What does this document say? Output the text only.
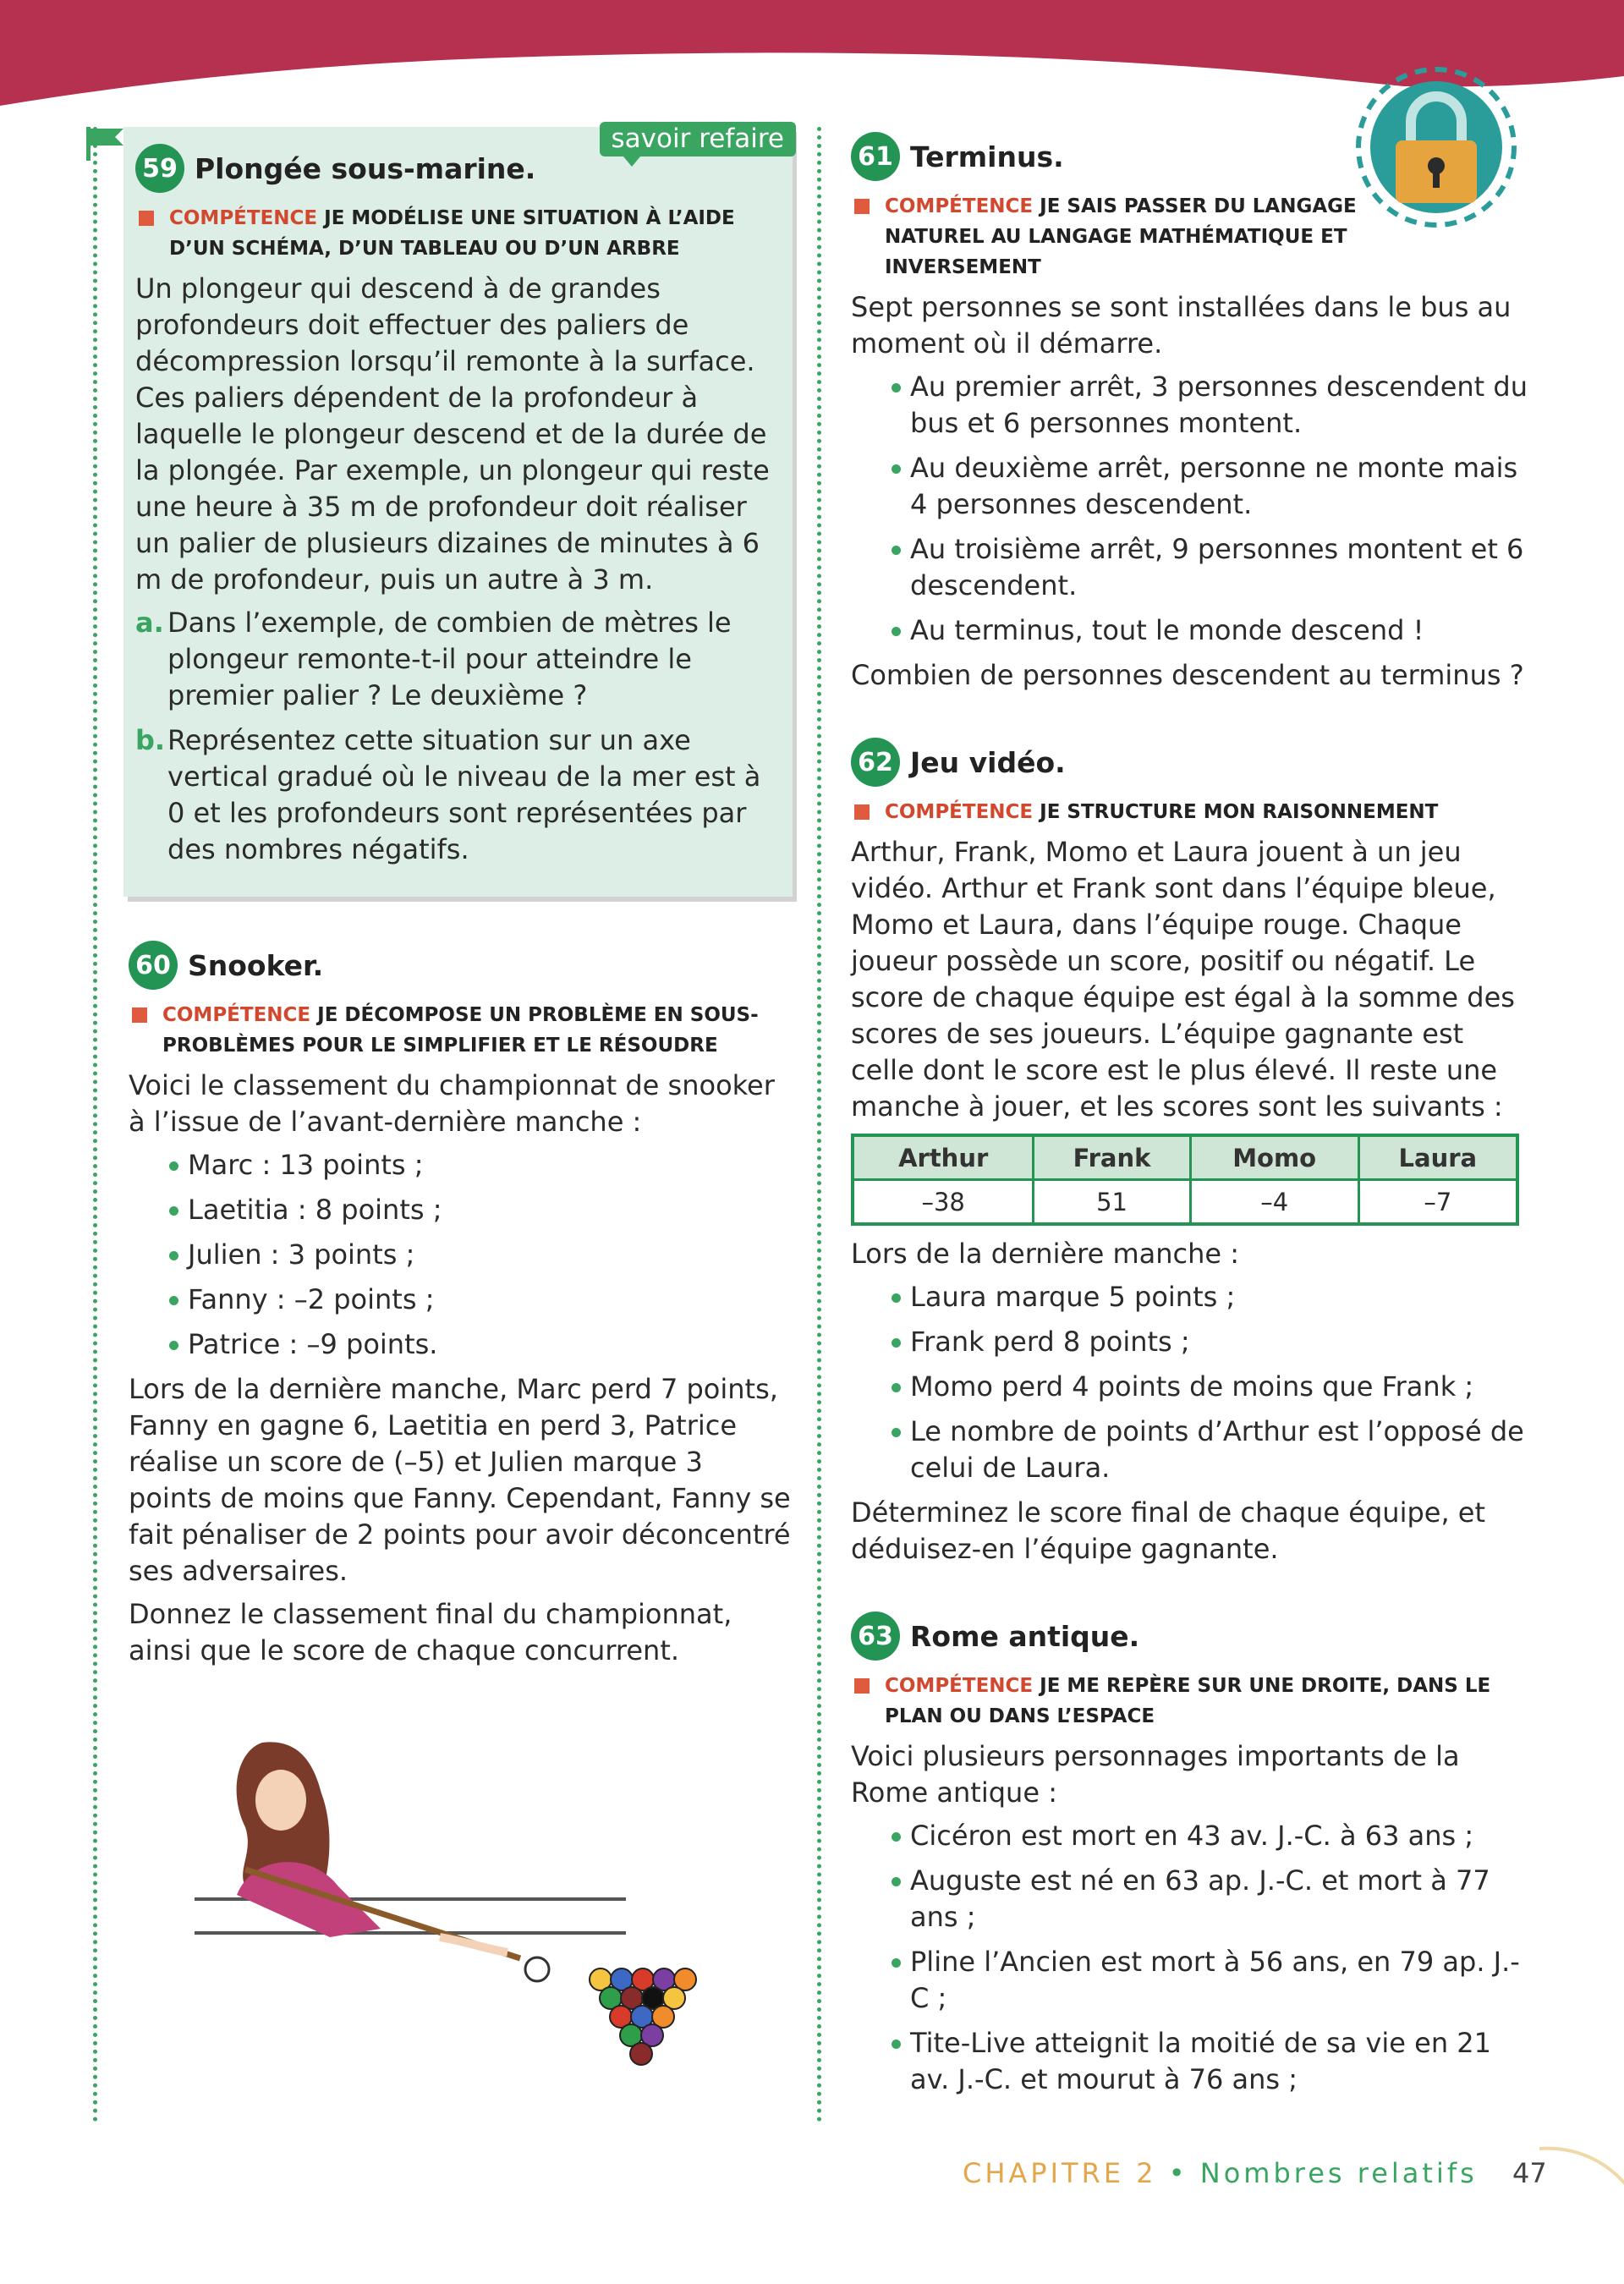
savoir refaire
59 Plongée sous-marine.
COMPÉTENCE JE MODÉLISE UNE SITUATION À L’AIDE D’UN SCHÉMA, D’UN TABLEAU OU D’UN ARBRE

Un plongeur qui descend à de grandes profondeurs doit effectuer des paliers de décompression lorsqu’il remonte à la surface. Ces paliers dépendent de la profondeur à laquelle le plongeur descend et de la durée de la plongée. Par exemple, un plongeur qui reste une heure à 35 m de profondeur doit réaliser un palier de plusieurs dizaines de minutes à 6 m de profondeur, puis un autre à 3 m.

a. Dans l’exemple, de combien de mètres le plongeur remonte-t-il pour atteindre le premier palier ? Le deuxième ?
b. Représentez cette situation sur un axe vertical gradué où le niveau de la mer est à 0 et les profondeurs sont représentées par des nombres négatifs.
60 Snooker.
COMPÉTENCE JE DÉCOMPOSE UN PROBLÈME EN SOUS-PROBLÈMES POUR LE SIMPLIFIER ET LE RÉSOUDRE

Voici le classement du championnat de snooker à l’issue de l’avant-dernière manche :

Marc : 13 points ;
Laetitia : 8 points ;
Julien : 3 points ;
Fanny : –2 points ;
Patrice : –9 points.

Lors de la dernière manche, Marc perd 7 points, Fanny en gagne 6, Laetitia en perd 3, Patrice réalise un score de (–5) et Julien marque 3 points de moins que Fanny. Cependant, Fanny se fait pénaliser de 2 points pour avoir déconcentré ses adversaires.

Donnez le classement final du championnat, ainsi que le score de chaque concurrent.

61 Terminus.
COMPÉTENCE JE SAIS PASSER DU LANGAGE NATUREL AU LANGAGE MATHÉMATIQUE ET INVERSEMENT

Sept personnes se sont installées dans le bus au moment où il démarre.

Au premier arrêt, 3 personnes descendent du bus et 6 personnes montent.
Au deuxième arrêt, personne ne monte mais 4 personnes descendent.
Au troisième arrêt, 9 personnes montent et 6 descendent.
Au terminus, tout le monde descend !

Combien de personnes descendent au terminus ?

62 Jeu vidéo.
COMPÉTENCE JE STRUCTURE MON RAISONNEMENT

Arthur, Frank, Momo et Laura jouent à un jeu vidéo. Arthur et Frank sont dans l’équipe bleue, Momo et Laura, dans l’équipe rouge. Chaque joueur possède un score, positif ou négatif. Le score de chaque équipe est égal à la somme des scores de ses joueurs. L’équipe gagnante est celle dont le score est le plus élevé. Il reste une manche à jouer, et les scores sont les suivants :

Arthur	Frank	Momo	Laura
–38	51	–4	–7

Lors de la dernière manche :

Laura marque 5 points ;
Frank perd 8 points ;
Momo perd 4 points de moins que Frank ;
Le nombre de points d’Arthur est l’opposé de celui de Laura.

Déterminez le score final de chaque équipe, et déduisez-en l’équipe gagnante.

63 Rome antique.
COMPÉTENCE JE ME REPÈRE SUR UNE DROITE, DANS LE PLAN OU DANS L’ESPACE

Voici plusieurs personnages importants de la Rome antique :

Cicéron est mort en 43 av. J.-C. à 63 ans ;
Auguste est né en 63 ap. J.-C. et mort à 77 ans ;
Pline l’Ancien est mort à 56 ans, en 79 ap. J.-C ;
Tite-Live atteignit la moitié de sa vie en 21 av. J.-C. et mourut à 76 ans ;
CHAPITRE 2 • Nombres relatifs 47
